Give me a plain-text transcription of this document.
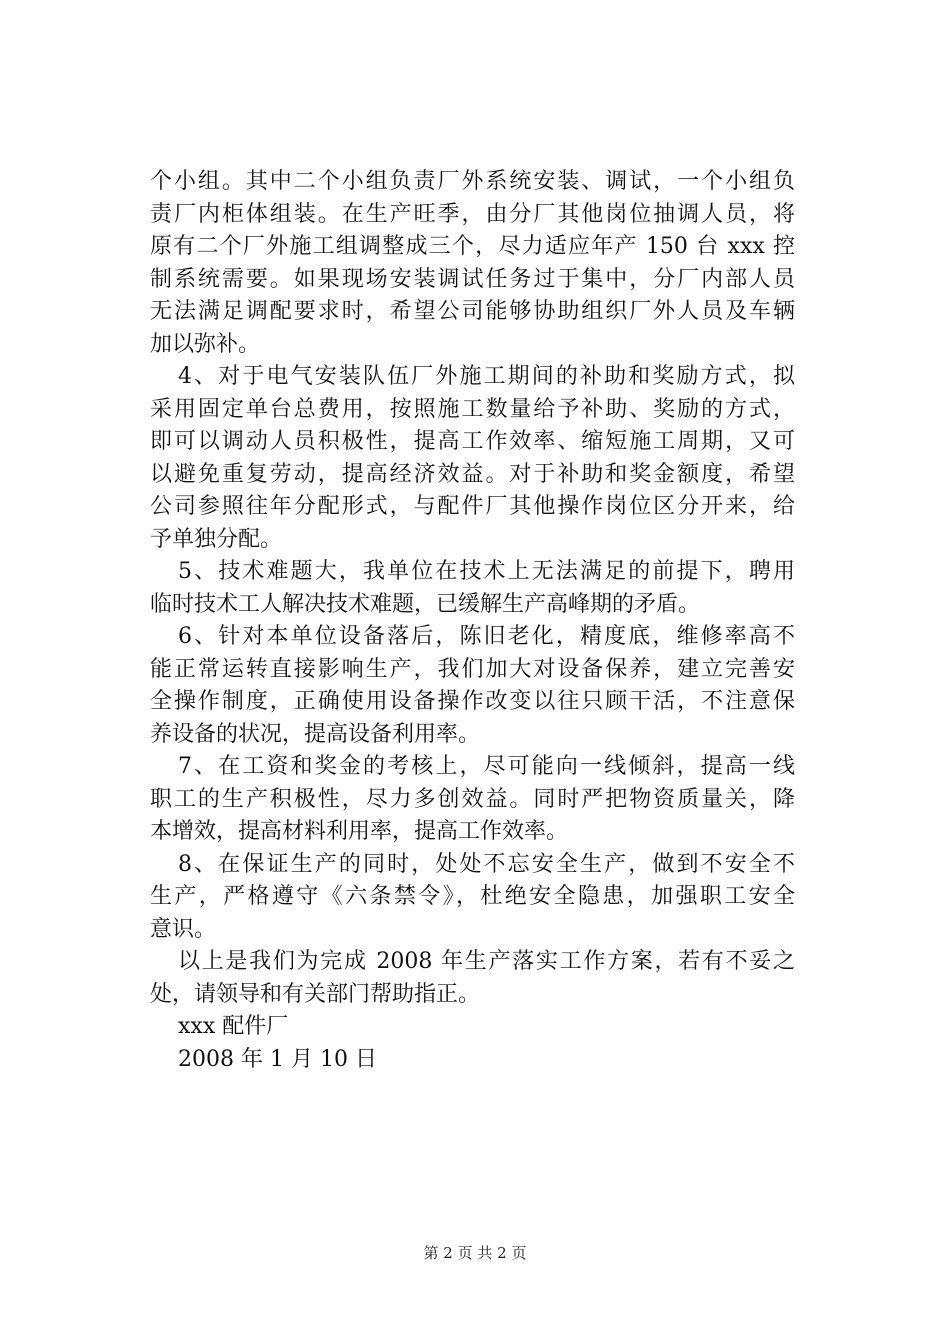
个小组。其中二个小组负责厂外系统安装、调试，一个小组负
责厂内柜体组装。在生产旺季，由分厂其他岗位抽调人员，将
原有二个厂外施工组调整成三个，尽力适应年产 150 台 xxx 控
制系统需要。如果现场安装调试任务过于集中，分厂内部人员
无法满足调配要求时，希望公司能够协助组织厂外人员及车辆
加以弥补。
4、对于电气安装队伍厂外施工期间的补助和奖励方式，拟
采用固定单台总费用，按照施工数量给予补助、奖励的方式，
即可以调动人员积极性，提高工作效率、缩短施工周期，又可
以避免重复劳动，提高经济效益。对于补助和奖金额度，希望
公司参照往年分配形式，与配件厂其他操作岗位区分开来，给
予单独分配。
5、技术难题大，我单位在技术上无法满足的前提下，聘用
临时技术工人解决技术难题，已缓解生产高峰期的矛盾。
6、针对本单位设备落后，陈旧老化，精度底，维修率高不
能正常运转直接影响生产，我们加大对设备保养，建立完善安
全操作制度，正确使用设备操作改变以往只顾干活，不注意保
养设备的状况，提高设备利用率。
7、在工资和奖金的考核上，尽可能向一线倾斜，提高一线
职工的生产积极性，尽力多创效益。同时严把物资质量关，降
本增效，提高材料利用率，提高工作效率。
8、在保证生产的同时，处处不忘安全生产，做到不安全不
生产，严格遵守《六条禁令》，杜绝安全隐患，加强职工安全
意识。
以上是我们为完成 2008 年生产落实工作方案，若有不妥之
处，请领导和有关部门帮助指正。
xxx 配件厂
2008 年 1 月 10 日
第 2 页 共 2 页
